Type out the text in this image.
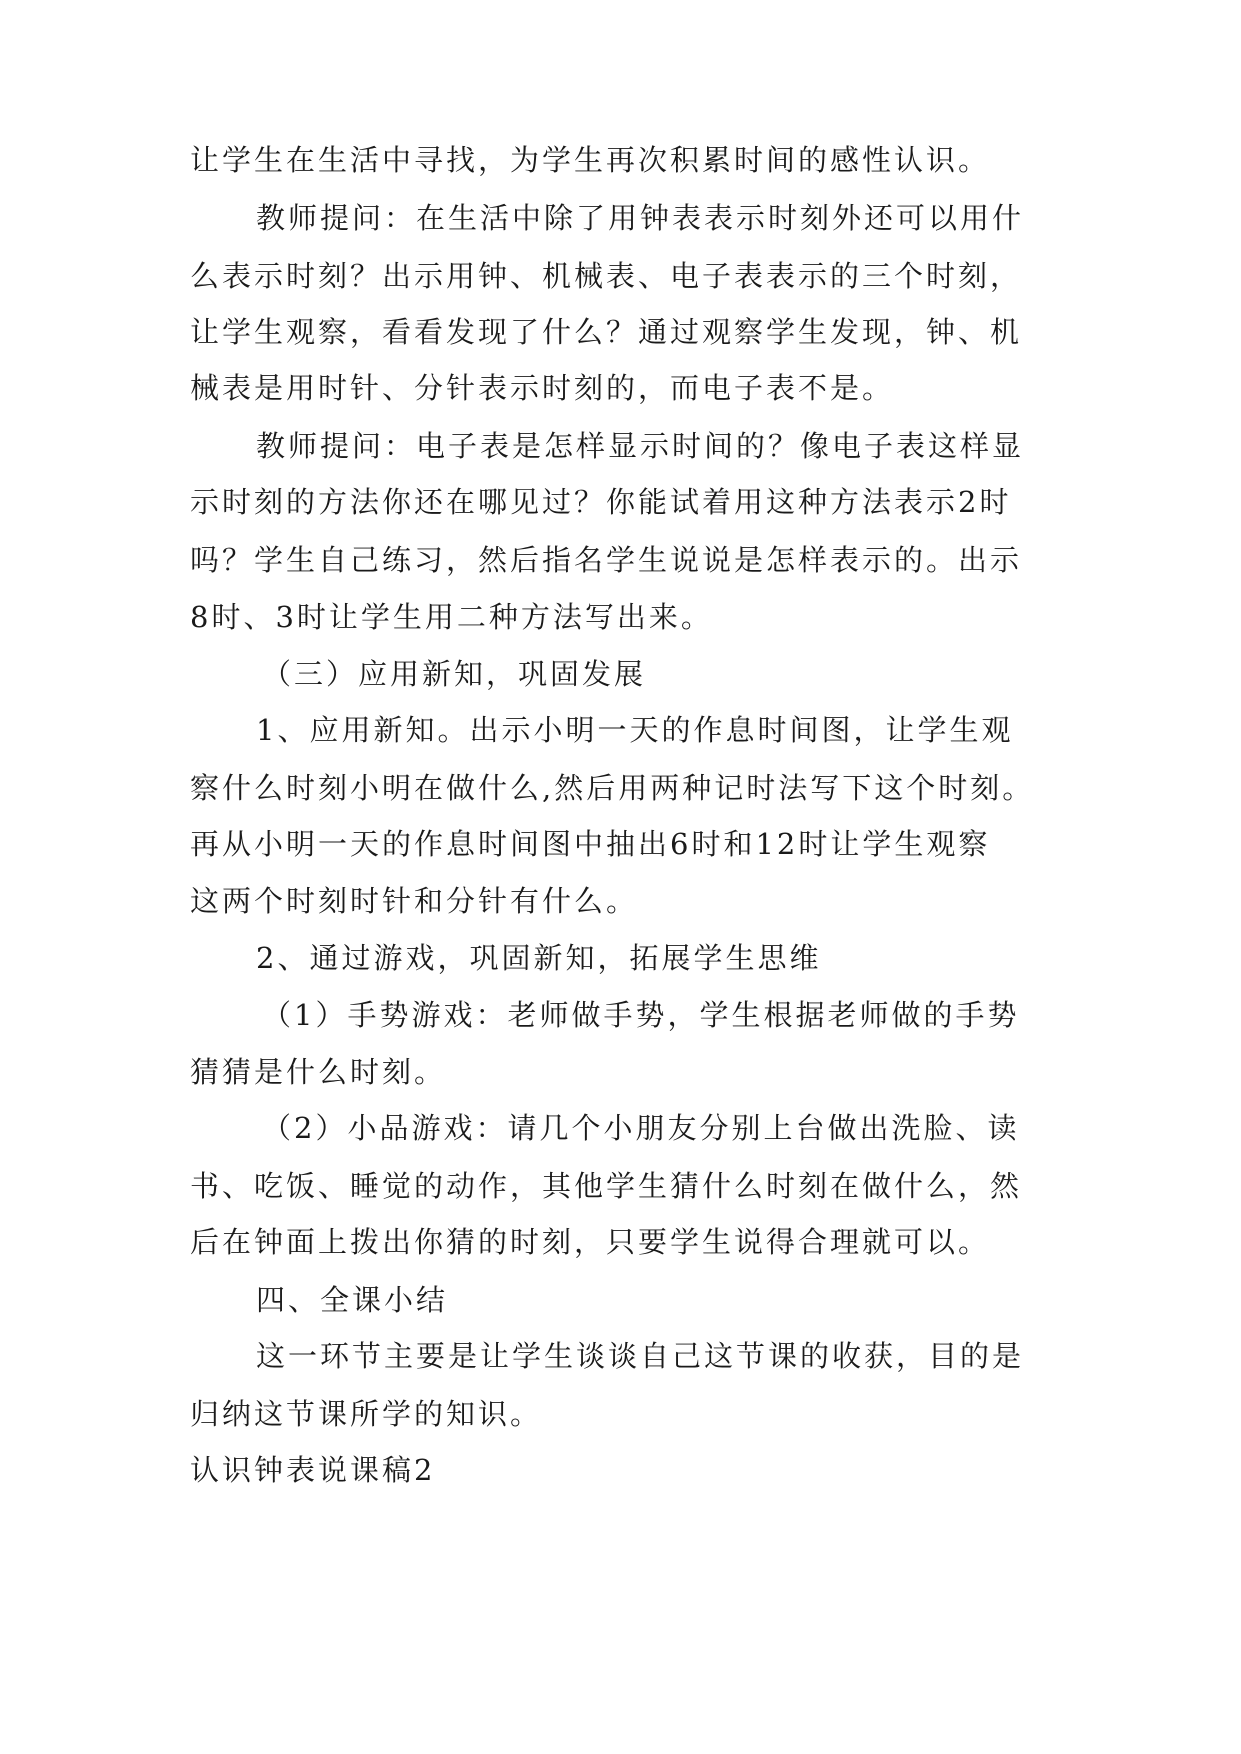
让学生在生活中寻找，为学生再次积累时间的感性认识。
教师提问：在生活中除了用钟表表示时刻外还可以用什
么表示时刻？出示用钟、机械表、电子表表示的三个时刻，
让学生观察，看看发现了什么？通过观察学生发现，钟、机
械表是用时针、分针表示时刻的，而电子表不是。
教师提问：电子表是怎样显示时间的？像电子表这样显
示时刻的方法你还在哪见过？你能试着用这种方法表示2时
吗？学生自己练习，然后指名学生说说是怎样表示的。出示
8时、3时让学生用二种方法写出来。
（三）应用新知，巩固发展
1、应用新知。出示小明一天的作息时间图，让学生观
察什么时刻小明在做什么,然后用两种记时法写下这个时刻。
再从小明一天的作息时间图中抽出6时和12时让学生观察
这两个时刻时针和分针有什么。
2、通过游戏，巩固新知，拓展学生思维
（1）手势游戏：老师做手势，学生根据老师做的手势
猜猜是什么时刻。
（2）小品游戏：请几个小朋友分别上台做出洗脸、读
书、吃饭、睡觉的动作，其他学生猜什么时刻在做什么，然
后在钟面上拨出你猜的时刻，只要学生说得合理就可以。
四、全课小结
这一环节主要是让学生谈谈自己这节课的收获，目的是
归纳这节课所学的知识。
认识钟表说课稿2
